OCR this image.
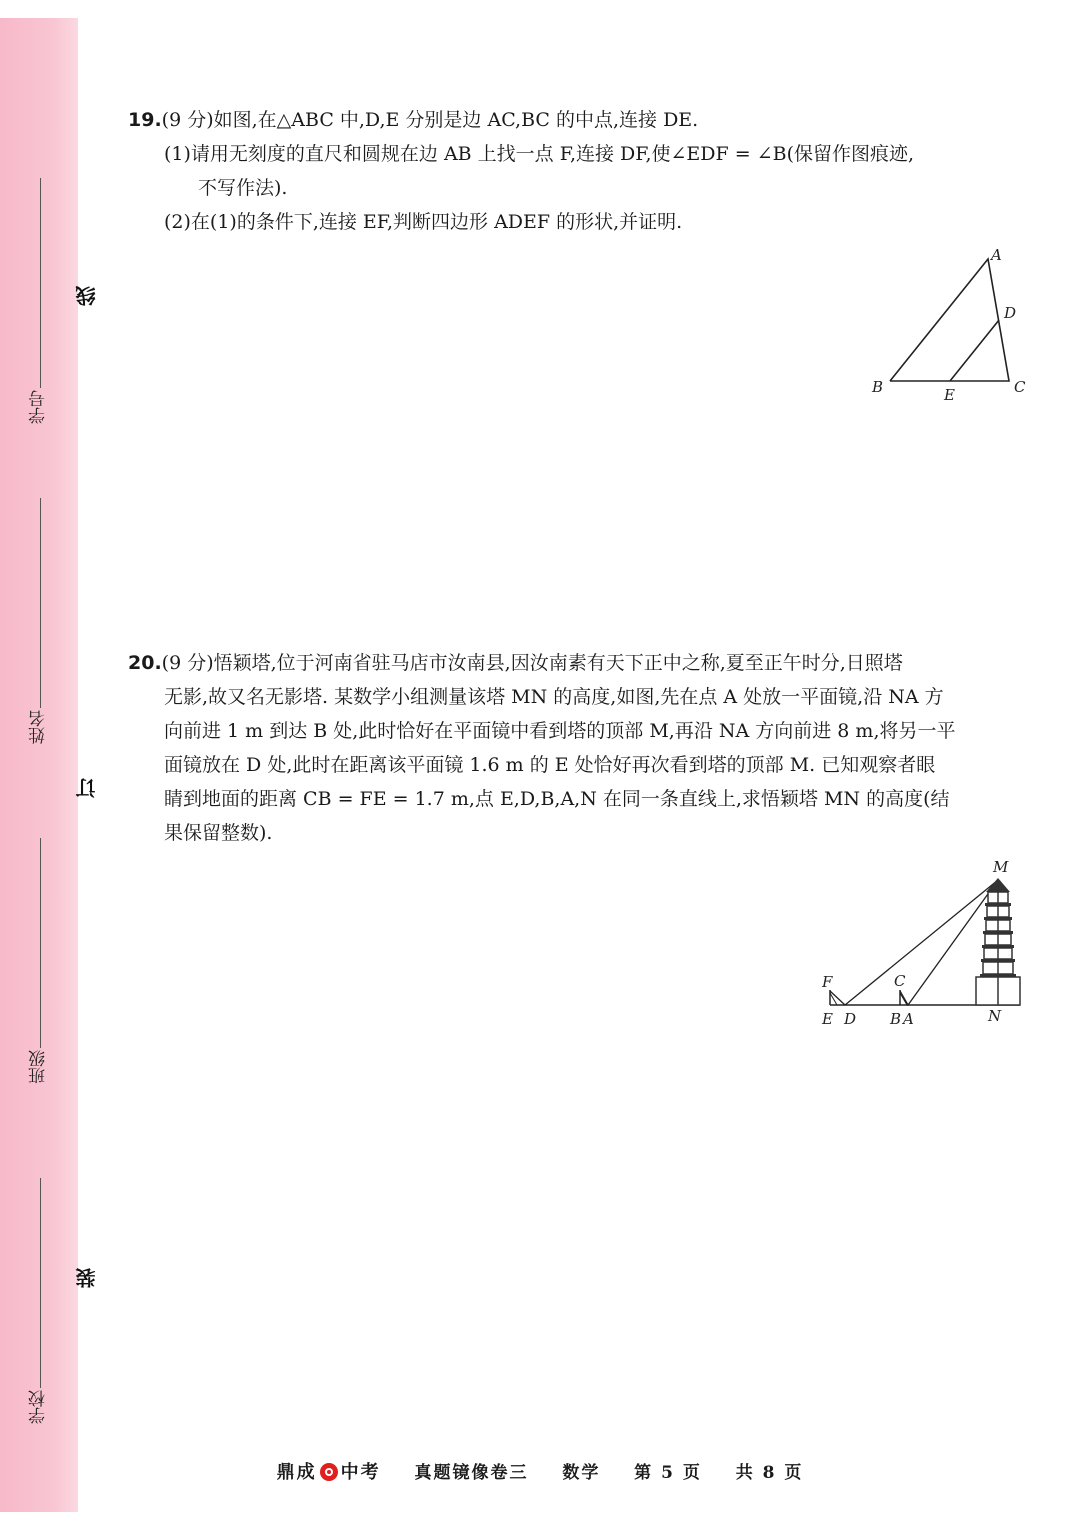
学号
姓名
班级
学校
线
订
装

19.(9 分)如图,在△ABC 中,D,E 分别是边 AC,BC 的中点,连接 DE.

(1)请用无刻度的直尺和圆规在边 AB 上找一点 F,连接 DF,使∠EDF = ∠B(保留作图痕迹,

不写作法).

(2)在(1)的条件下,连接 EF,判断四边形 ADEF 的形状,并证明.

A
D
B	E	C

20.(9 分)悟颖塔,位于河南省驻马店市汝南县,因汝南素有天下正中之称,夏至正午时分,日照塔

无影,故又名无影塔. 某数学小组测量该塔 MN 的高度,如图,先在点 A 处放一平面镜,沿 NA 方

向前进 1 m 到达 B 处,此时恰好在平面镜中看到塔的顶部 M,再沿 NA 方向前进 8 m,将另一平

面镜放在 D 处,此时在距离该平面镜 1.6 m 的 E 处恰好再次看到塔的顶部 M. 已知观察者眼

睛到地面的距离 CB = FE = 1.7 m,点 E,D,B,A,N 在同一条直线上,求悟颖塔 MN 的高度(结

果保留整数).

M
F	C
E D B A	N
鼎成 中考 真题镜像卷三 数学 第 5 页 共 8 页
